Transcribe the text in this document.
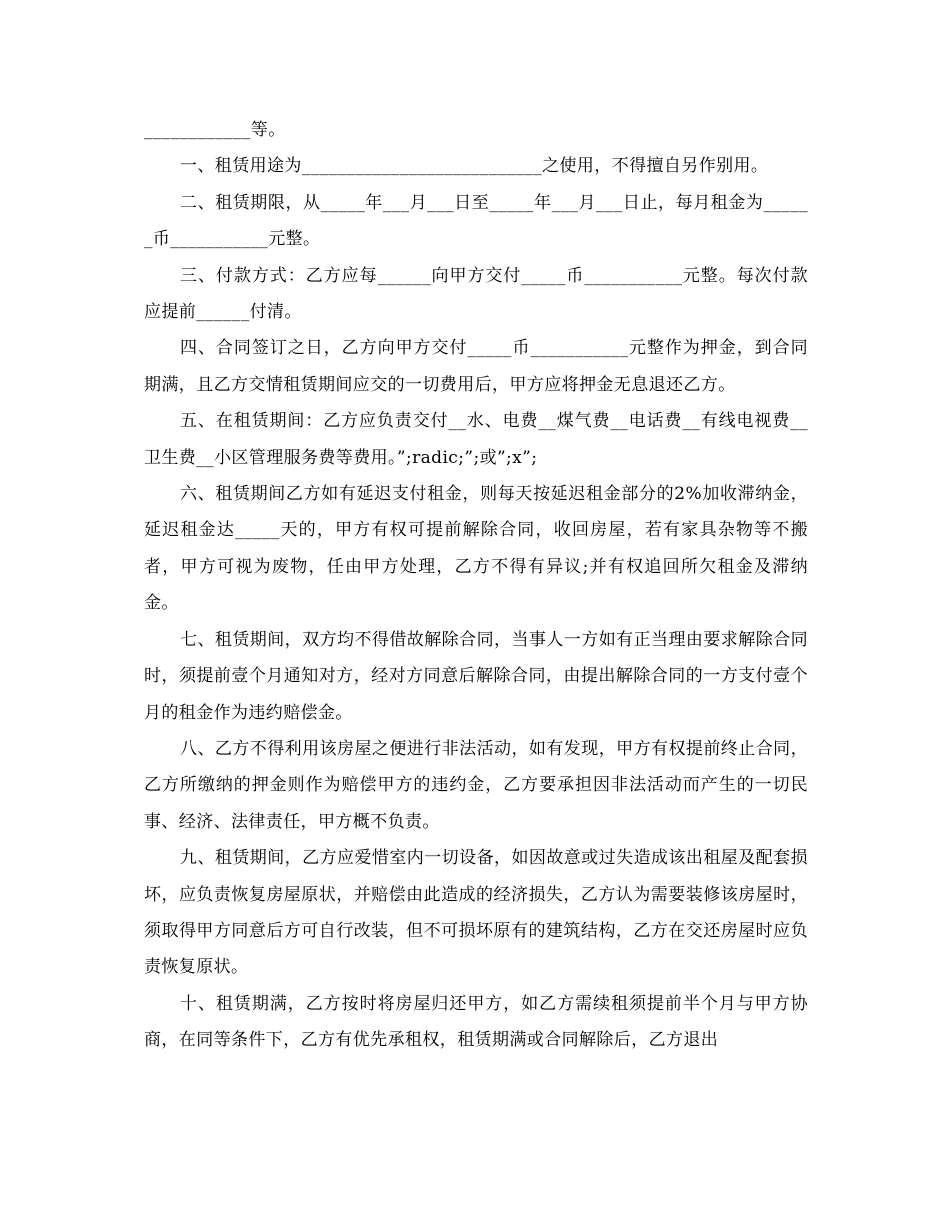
____________等。

一、租赁用途为___________________________之使用，不得擅自另作别用。

二、租赁期限，从_____年___月___日至_____年___月___日止，每月租金为______币___________元整。

三、付款方式：乙方应每______向甲方交付_____币___________元整。每次付款应提前______付清。

四、合同签订之日，乙方向甲方交付_____币___________元整作为押金，到合同期满，且乙方交情租赁期间应交的一切费用后，甲方应将押金无息退还乙方。

五、在租赁期间：乙方应负责交付__水、电费__煤气费__电话费__有线电视费__卫生费__小区管理服务费等费用。”;radic;”;或”;x”;

六、租赁期间乙方如有延迟支付租金，则每天按延迟租金部分的2%加收滞纳金，延迟租金达_____天的，甲方有权可提前解除合同，收回房屋，若有家具杂物等不搬者，甲方可视为废物，任由甲方处理，乙方不得有异议;并有权追回所欠租金及滞纳金。

七、租赁期间，双方均不得借故解除合同，当事人一方如有正当理由要求解除合同时，须提前壹个月通知对方，经对方同意后解除合同，由提出解除合同的一方支付壹个月的租金作为违约赔偿金。

八、乙方不得利用该房屋之便进行非法活动，如有发现，甲方有权提前终止合同，乙方所缴纳的押金则作为赔偿甲方的违约金，乙方要承担因非法活动而产生的一切民事、经济、法律责任，甲方概不负责。

九、租赁期间，乙方应爱惜室内一切设备，如因故意或过失造成该出租屋及配套损坏，应负责恢复房屋原状，并赔偿由此造成的经济损失，乙方认为需要装修该房屋时，须取得甲方同意后方可自行改装，但不可损坏原有的建筑结构，乙方在交还房屋时应负责恢复原状。

十、租赁期满，乙方按时将房屋归还甲方，如乙方需续租须提前半个月与甲方协商，在同等条件下，乙方有优先承租权，租赁期满或合同解除后，乙方退出
